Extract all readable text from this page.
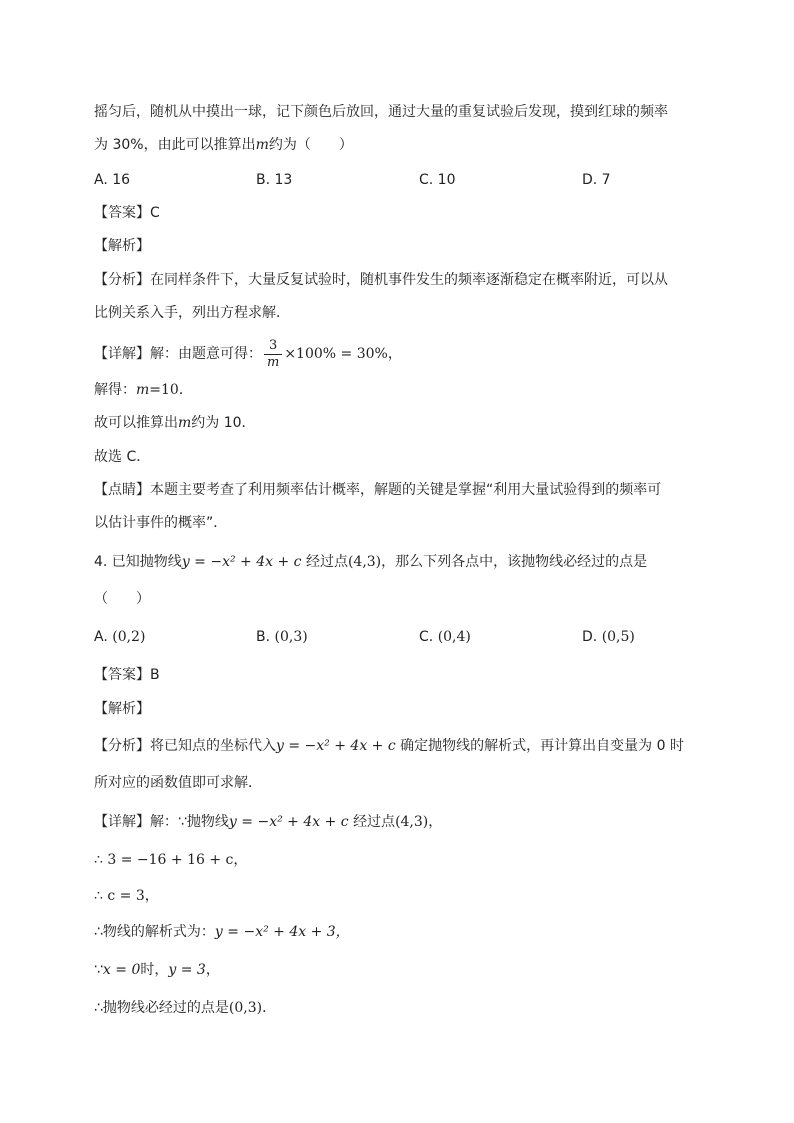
摇匀后，随机从中摸出一球，记下颜色后放回，通过大量的重复试验后发现，摸到红球的频率
为 30%，由此可以推算出m约为（　　）
A. 16	B. 13	C. 10	D. 7
【答案】C
【解析】
【分析】在同样条件下，大量反复试验时，随机事件发生的频率逐渐稳定在概率附近，可以从
比例关系入手，列出方程求解．
【详解】解：由题意可得： $\frac{3}{m} \times 100\% = 30\%$，
解得：m=10．
故可以推算出m约为 10．
故选 C．
【点睛】本题主要考查了利用频率估计概率，解题的关键是掌握“利用大量试验得到的频率可
以估计事件的概率”．
4. 已知抛物线y = −x² + 4x + c 经过点(4,3)，那么下列各点中，该抛物线必经过的点是
（　　）
A. (0,2)	B. (0,3)	C. (0,4)	D. (0,5)
【答案】B
【解析】
【分析】将已知点的坐标代入y = −x² + 4x + c 确定抛物线的解析式，再计算出自变量为 0 时
所对应的函数值即可求解．
【详解】解：∵抛物线y = −x² + 4x + c 经过点(4,3)，
∴ 3 = −16 + 16 + c，
∴ c = 3，
∴物线的解析式为：y = −x² + 4x + 3，
∵x = 0时，y = 3，
∴抛物线必经过的点是(0,3)．
